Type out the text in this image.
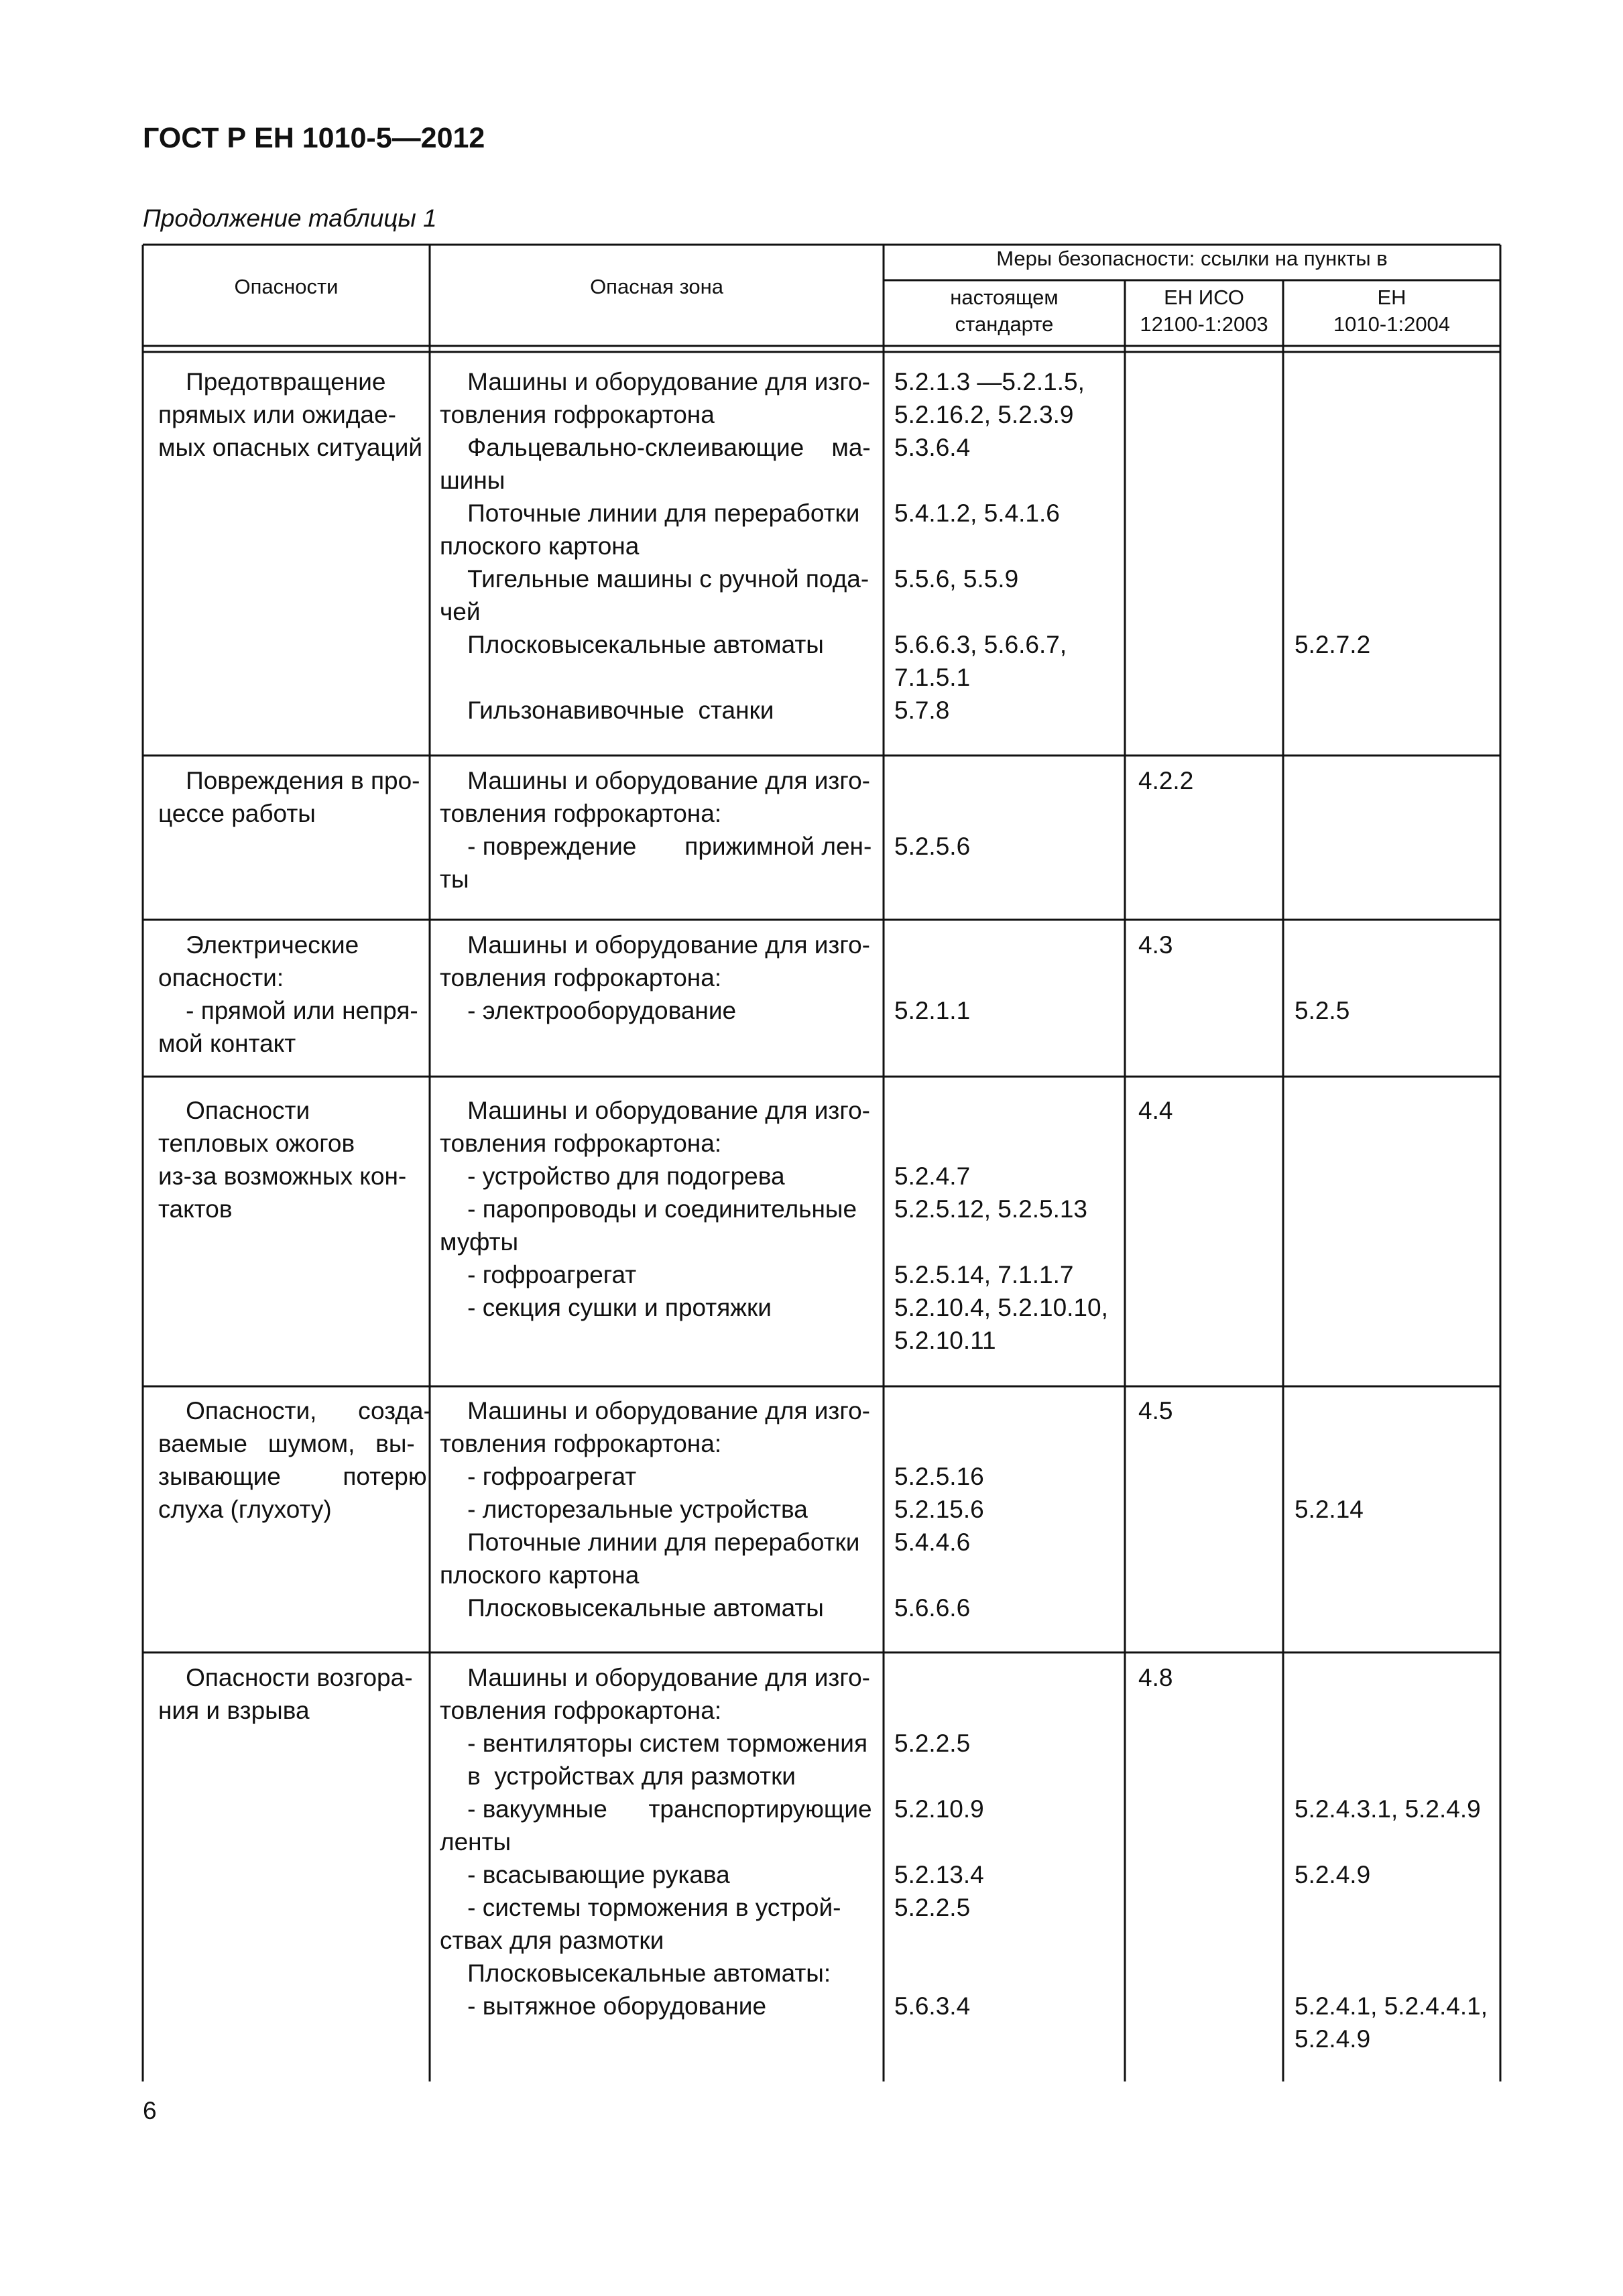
ГОСТ Р ЕН 1010-5—2012

Продолжение таблицы 1

Опасности	Опасная зона
Меры безопасности: ссылки на пункты в
настоящем
стандарте
ЕН ИСО
12100-1:2003
ЕН
1010-1:2004
Предотвращение
прямых или ожидае-
мых опасных ситуаций
Машины и оборудование для изго-
товления гофрокартона
Фальцевально-склеивающие    ма-
шины
Поточные линии для переработки
плоского картона
Тигельные машины с ручной пода-
чей
Плосковысекальные автоматы

Гильзонавивочные  станки
5.2.1.3 —5.2.1.5,
5.2.16.2, 5.2.3.9
5.3.6.4

5.4.1.2, 5.4.1.6

5.5.6, 5.5.9

5.6.6.3, 5.6.6.7,
7.1.5.1
5.7.8

5.2.7.2
Повреждения в про-
цессе работы
Машины и оборудование для изго-
товления гофрокартона:
- повреждение       прижимной лен-
ты

5.2.5.6
4.2.2
Электрические
опасности:
- прямой или непря-
мой контакт
Машины и оборудование для изго-
товления гофрокартона:
- электрооборудование

	5.2.1.1
4.3

5.2.5
Опасности
тепловых ожогов
из-за возможных кон-
тактов
Машины и оборудование для изго-
товления гофрокартона:
- устройство для подогрева
- паропроводы и соединительные
муфты
- гофроагрегат
- секция сушки и протяжки

5.2.4.7
5.2.5.12, 5.2.5.13

5.2.5.14, 7.1.1.7
5.2.10.4, 5.2.10.10,
5.2.10.11
4.4
Опасности,      созда-
ваемые   шумом,   вы-
зывающие         потерю
слуха (глухоту)
Машины и оборудование для изго-
товления гофрокартона:
- гофроагрегат
- листорезальные устройства
Поточные линии для переработки
плоского картона
Плосковысекальные автоматы

5.2.5.16
5.2.15.6
5.4.4.6

5.6.6.6
4.5

5.2.14
Опасности возгора-
ния и взрыва
Машины и оборудование для изго-
товления гофрокартона:
- вентиляторы систем торможения
в  устройствах для размотки
- вакуумные      транспортирующие
ленты
- всасывающие рукава
- системы торможения в устрой-
ствах для размотки
Плосковысекальные автоматы:
- вытяжное оборудование

5.2.2.5

5.2.10.9

5.2.13.4
5.2.2.5

5.6.3.4
4.8

5.2.4.3.1, 5.2.4.9

5.2.4.9

5.2.4.1, 5.2.4.4.1,
5.2.4.9
6
